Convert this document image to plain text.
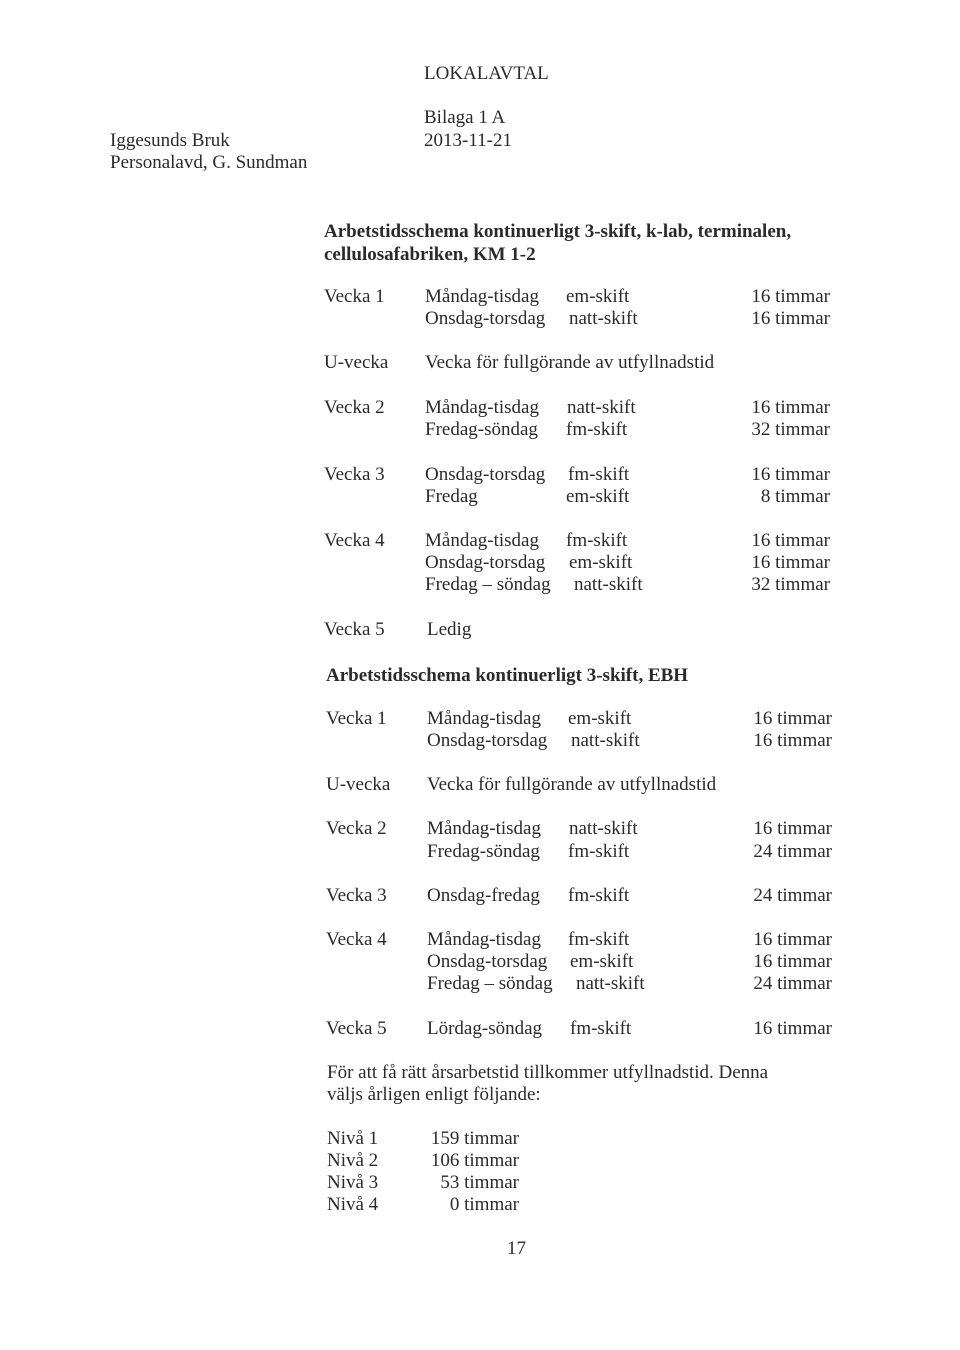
LOKALAVTAL
Bilaga 1 A
Iggesunds Bruk	2013-11-21
Personalavd, G. Sundman
Arbetstidsschema kontinuerligt 3-skift, k-lab, terminalen,
cellulosafabriken, KM 1-2
Vecka 1 Måndag-tisdag em-skift	16 timmar
Onsdag-torsdag natt-skift	16 timmar
U-vecka Vecka för fullgörande av utfyllnadstid
Vecka 2 Måndag-tisdag natt-skift	16 timmar
Fredag-söndag fm-skift	32 timmar
Vecka 3 Onsdag-torsdag fm-skift	16 timmar
Fredag	em-skift	8 timmar
Vecka 4 Måndag-tisdag fm-skift	16 timmar
Onsdag-torsdag em-skift	16 timmar
Fredag – söndag natt-skift	32 timmar
Vecka 5 Ledig
Arbetstidsschema kontinuerligt 3-skift, EBH
Vecka 1 Måndag-tisdag em-skift	16 timmar
Onsdag-torsdag natt-skift	16 timmar
U-vecka Vecka för fullgörande av utfyllnadstid
Vecka 2 Måndag-tisdag natt-skift	16 timmar
Fredag-söndag fm-skift	24 timmar
Vecka 3 Onsdag-fredag fm-skift	24 timmar
Vecka 4 Måndag-tisdag fm-skift	16 timmar
Onsdag-torsdag em-skift	16 timmar
Fredag – söndag natt-skift	24 timmar
Vecka 5 Lördag-söndag fm-skift	16 timmar
För att få rätt årsarbetstid tillkommer utfyllnadstid. Denna
väljs årligen enligt följande:
Nivå 1	159 timmar
Nivå 2	106 timmar
Nivå 3	53 timmar
Nivå 4	0 timmar
17
